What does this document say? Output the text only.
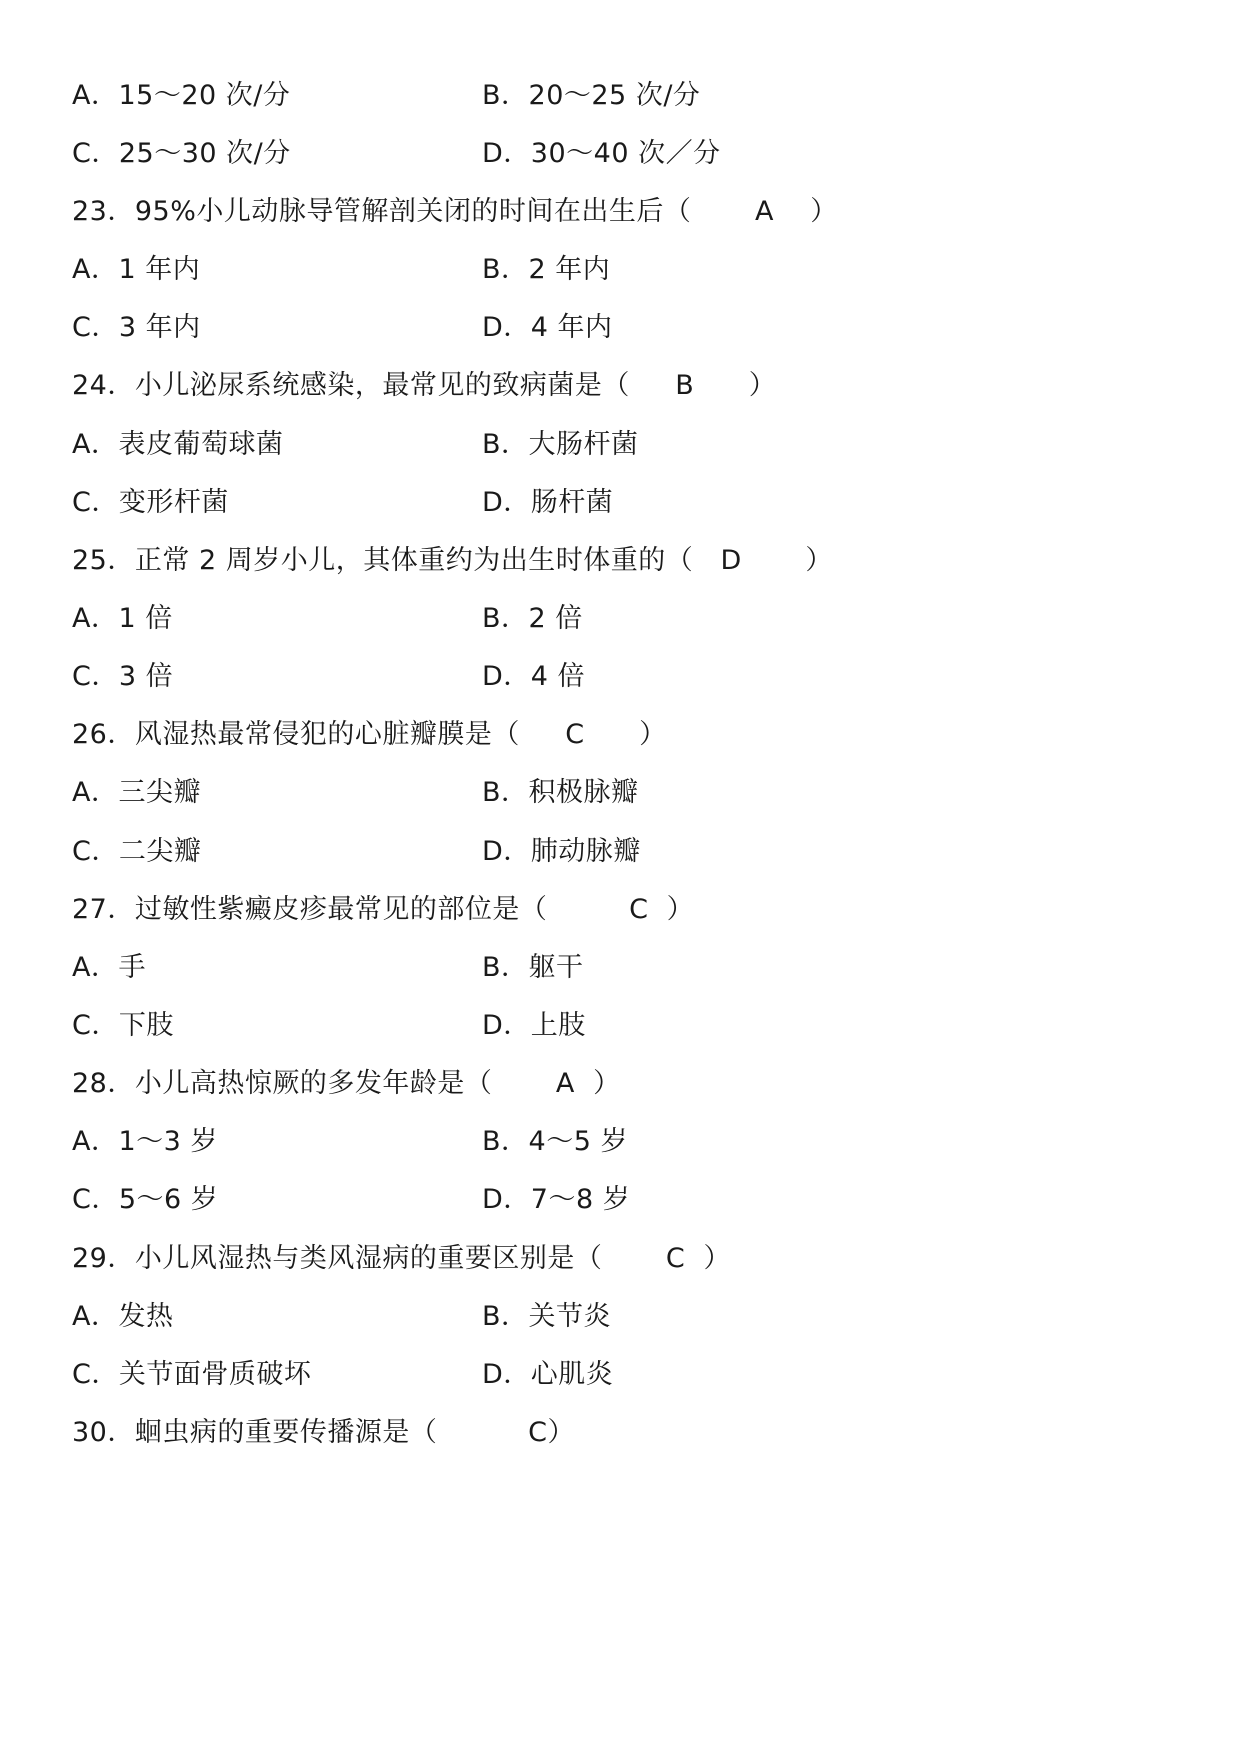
A．15～20 次/分	B．20～25 次/分
C．25～30 次/分	D．30～40 次／分
23．95%小儿动脉导管解剖关闭的时间在出生后（       A    ）
A．1 年内	B．2 年内
C．3 年内	D．4 年内
24．小儿泌尿系统感染，最常见的致病菌是（     B      ）
A．表皮葡萄球菌	B．大肠杆菌
C．变形杆菌	D．肠杆菌
25．正常 2 周岁小儿，其体重约为出生时体重的（   D       ）
A．1 倍	B．2 倍
C．3 倍	D．4 倍
26．风湿热最常侵犯的心脏瓣膜是（     C      ）
A．三尖瓣	B．积极脉瓣
C．二尖瓣	D．肺动脉瓣
27．过敏性紫癜皮疹最常见的部位是（         C  ）
A．手	B．躯干
C．下肢	D．上肢
28．小儿高热惊厥的多发年龄是（       A  ）
A．1～3 岁	B．4～5 岁
C．5～6 岁	D．7～8 岁
29．小儿风湿热与类风湿病的重要区别是（       C  ）
A．发热	B．关节炎
C．关节面骨质破坏	D．心肌炎
30．蛔虫病的重要传播源是（          C）
